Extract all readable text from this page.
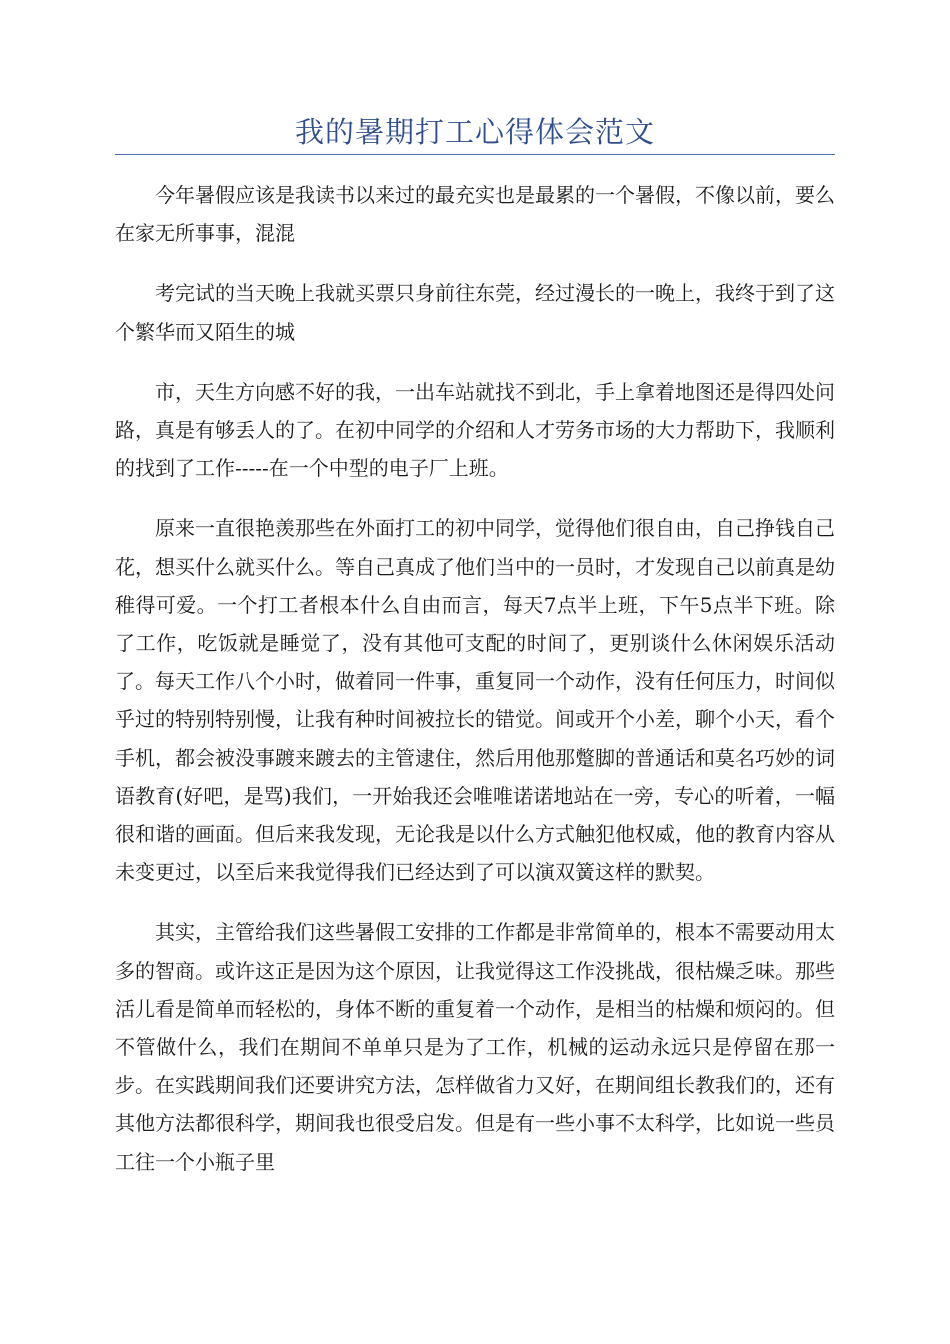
我的暑期打工心得体会范文

今年暑假应该是我读书以来过的最充实也是最累的一个暑假，不像以前，要么在家无所事事，混混

考完试的当天晚上我就买票只身前往东莞，经过漫长的一晚上，我终于到了这个繁华而又陌生的城

市，天生方向感不好的我，一出车站就找不到北，手上拿着地图还是得四处问路，真是有够丢人的了。在初中同学的介绍和人才劳务市场的大力帮助下，我顺利的找到了工作-----在一个中型的电子厂上班。

原来一直很艳羡那些在外面打工的初中同学，觉得他们很自由，自己挣钱自己花，想买什么就买什么。等自己真成了他们当中的一员时，才发现自己以前真是幼稚得可爱。一个打工者根本什么自由而言，每天7点半上班，下午5点半下班。除了工作，吃饭就是睡觉了，没有其他可支配的时间了，更别谈什么休闲娱乐活动了。每天工作八个小时，做着同一件事，重复同一个动作，没有任何压力，时间似乎过的特别特别慢，让我有种时间被拉长的错觉。间或开个小差，聊个小天，看个手机，都会被没事踱来踱去的主管逮住，然后用他那蹩脚的普通话和莫名巧妙的词语教育(好吧，是骂)我们，一开始我还会唯唯诺诺地站在一旁，专心的听着，一幅很和谐的画面。但后来我发现，无论我是以什么方式触犯他权威，他的教育内容从未变更过，以至后来我觉得我们已经达到了可以演双簧这样的默契。

其实，主管给我们这些暑假工安排的工作都是非常简单的，根本不需要动用太多的智商。或许这正是因为这个原因，让我觉得这工作没挑战，很枯燥乏味。那些活儿看是简单而轻松的，身体不断的重复着一个动作，是相当的枯燥和烦闷的。但不管做什么，我们在期间不单单只是为了工作，机械的运动永远只是停留在那一步。在实践期间我们还要讲究方法，怎样做省力又好，在期间组长教我们的，还有其他方法都很科学，期间我也很受启发。但是有一些小事不太科学，比如说一些员工往一个小瓶子里
